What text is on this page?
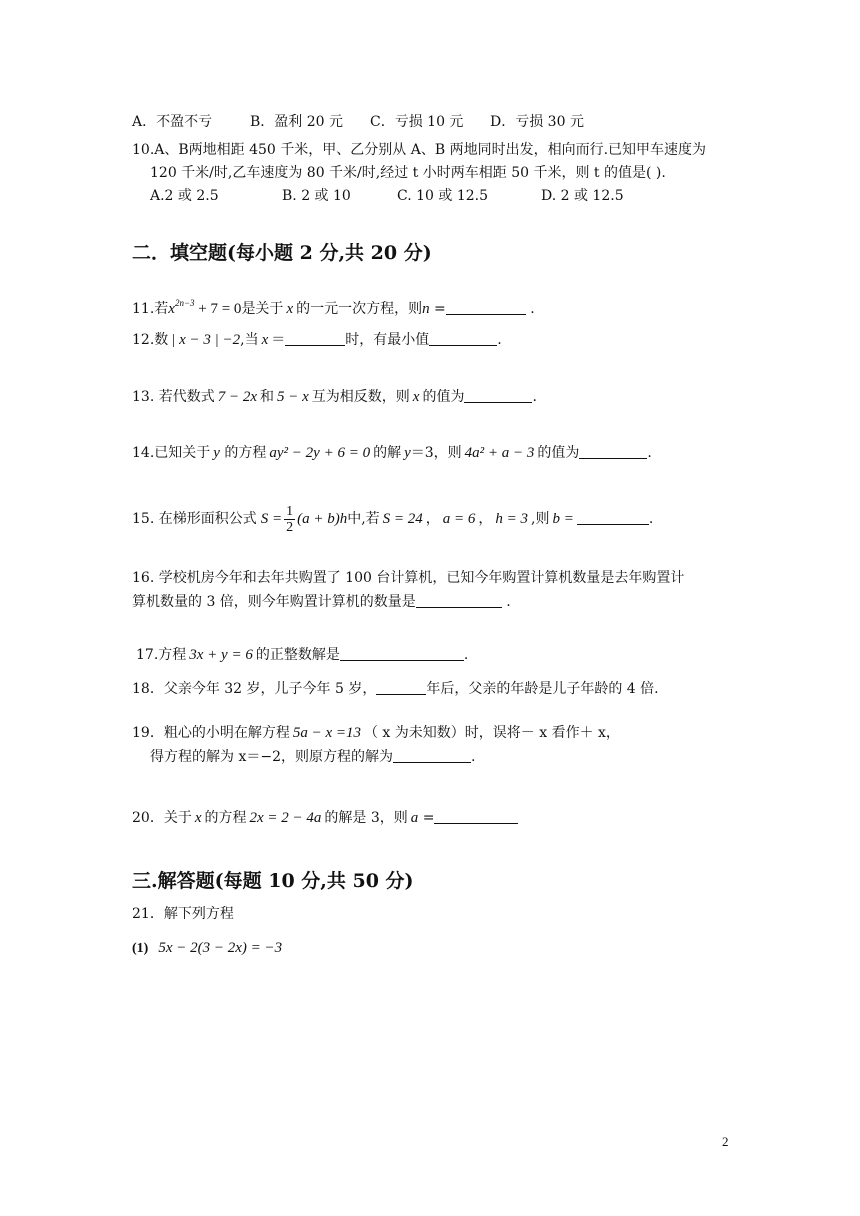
A．不盈不亏	B．盈利 20 元 C．亏损 10 元 D．亏损 30 元
10.A、B两地相距 450 千米，甲、乙分别从 A、B 两地同时出发，相向而行.已知甲车速度为
120 千米/时,乙车速度为 80 千米/时,经过 t 小时两车相距 50 千米，则 t 的值是( ).
A.2 或 2.5	B. 2 或 10	C. 10 或 12.5	D. 2 或 12.5
二．填空题(每小题 2 分,共 20 分)
11.若$x^{2n-3} + 7 = 0$是关于 x 的一元一次方程，则n =	.
12.数 | x − 3 | −2,当 x ＝	时，有最小值	.
13. 若代数式 7 − 2x 和 5 − x 互为相反数，则 x 的值为	.
14.已知关于 y 的方程 ay² − 2y + 6 = 0 的解 y＝3，则 4a² + a − 3 的值为	.
15. 在梯形面积公式 $S = \frac{1}{2} (a + b)h$中,若 S = 24 ， a = 6 ， h = 3 ,则 b =	.
16. 学校机房今年和去年共购置了 100 台计算机，已知今年购置计算机数量是去年购置计
算机数量的 3 倍，则今年购置计算机的数量是	.
17.方程 3x + y = 6 的正整数解是	.
18．父亲今年 32 岁，儿子今年 5 岁，	年后，父亲的年龄是儿子年龄的 4 倍.
19．粗心的小明在解方程 5a − x =13 （ x 为未知数）时，误将－ x 看作＋ x，
得方程的解为 x＝−2，则原方程的解为	.
20．关于 x 的方程 2x = 2 − 4a 的解是 3，则 a =
三.解答题(每题 10 分,共 50 分)
21．解下列方程
(1) 5x − 2(3 − 2x) = −3
2
